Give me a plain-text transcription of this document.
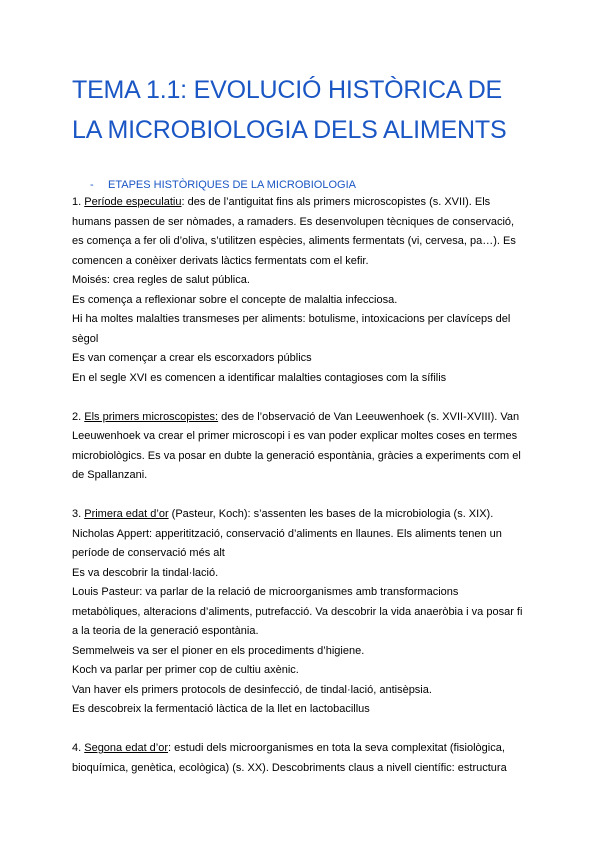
TEMA 1.1: EVOLUCIÓ HISTÒRICA DE
LA MICROBIOLOGIA DELS ALIMENTS
- ETAPES HISTÒRIQUES DE LA MICROBIOLOGIA
1. Període especulatiu: des de l’antiguitat fins als primers microscopistes (s. XVII). Els
humans passen de ser nòmades, a ramaders. Es desenvolupen tècniques de conservació,
es comença a fer oli d’oliva, s’utilitzen espècies, aliments fermentats (vi, cervesa, pa…). Es
comencen a conèixer derivats làctics fermentats com el kefir.
Moisés: crea regles de salut pública.
Es comença a reflexionar sobre el concepte de malaltia infecciosa.
Hi ha moltes malalties transmeses per aliments: botulisme, intoxicacions per clavíceps del
sègol
Es van començar a crear els escorxadors públics
En el segle XVI es comencen a identificar malalties contagioses com la sífilis
2. Els primers microscopistes: des de l’observació de Van Leeuwenhoek (s. XVII-XVIII). Van
Leeuwenhoek va crear el primer microscopi i es van poder explicar moltes coses en termes
microbiològics. Es va posar en dubte la generació espontània, gràcies a experiments com el
de Spallanzani.
3. Primera edat d’or (Pasteur, Koch): s’assenten les bases de la microbiologia (s. XIX).
Nicholas Appert: apperitització, conservació d’aliments en llaunes. Els aliments tenen un
període de conservació més alt
Es va descobrir la tindal·lació.
Louis Pasteur: va parlar de la relació de microorganismes amb transformacions
metabòliques, alteracions d’aliments, putrefacció. Va descobrir la vida anaeròbia i va posar fi
a la teoria de la generació espontània.
Semmelweis va ser el pioner en els procediments d’higiene.
Koch va parlar per primer cop de cultiu axènic.
Van haver els primers protocols de desinfecció, de tindal·lació, antisèpsia.
Es descobreix la fermentació làctica de la llet en lactobacillus
4. Segona edat d’or: estudi dels microorganismes en tota la seva complexitat (fisiològica,
bioquímica, genètica, ecològica) (s. XX). Descobriments claus a nivell científic: estructura
